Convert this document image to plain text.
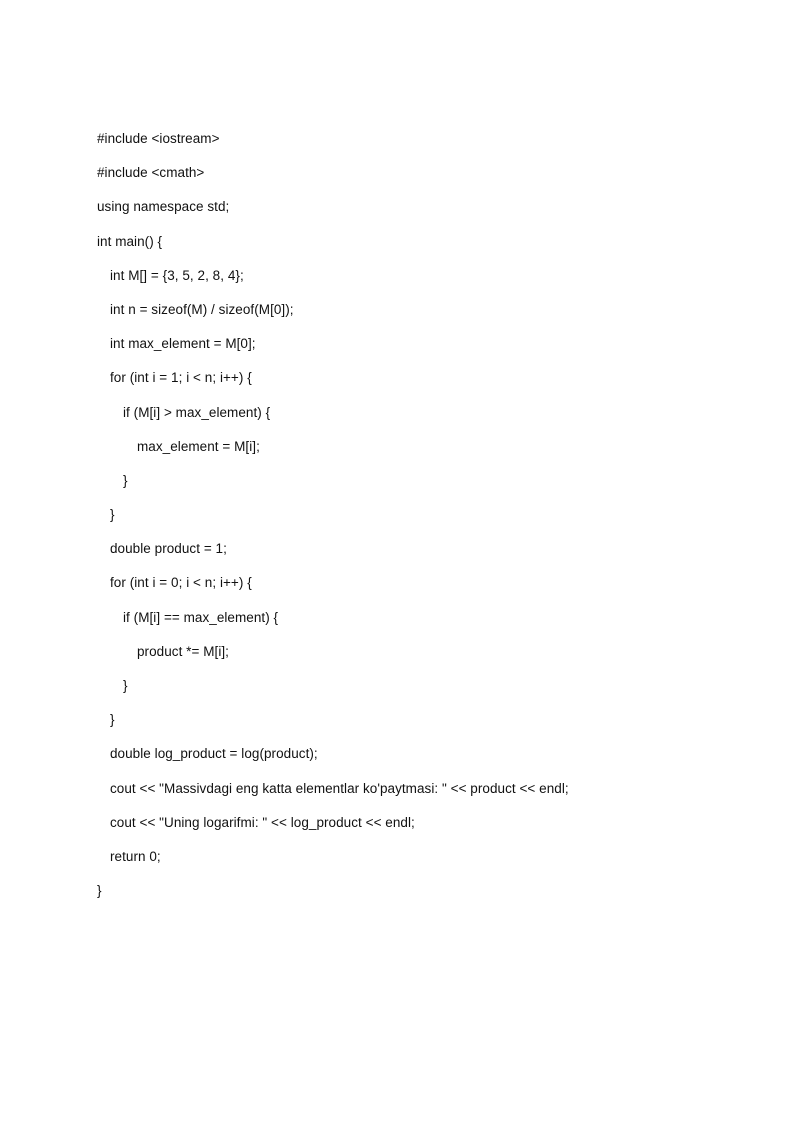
#include <iostream>
#include <cmath>
using namespace std;
int main() {
int M[] = {3, 5, 2, 8, 4};
int n = sizeof(M) / sizeof(M[0]);
int max_element = M[0];
for (int i = 1; i < n; i++) {
if (M[i] > max_element) {
max_element = M[i];
}
}
double product = 1;
for (int i = 0; i < n; i++) {
if (M[i] == max_element) {
product *= M[i];
}
}
double log_product = log(product);
cout << "Massivdagi eng katta elementlar ko'paytmasi: " << product << endl;
cout << "Uning logarifmi: " << log_product << endl;
return 0;
}
